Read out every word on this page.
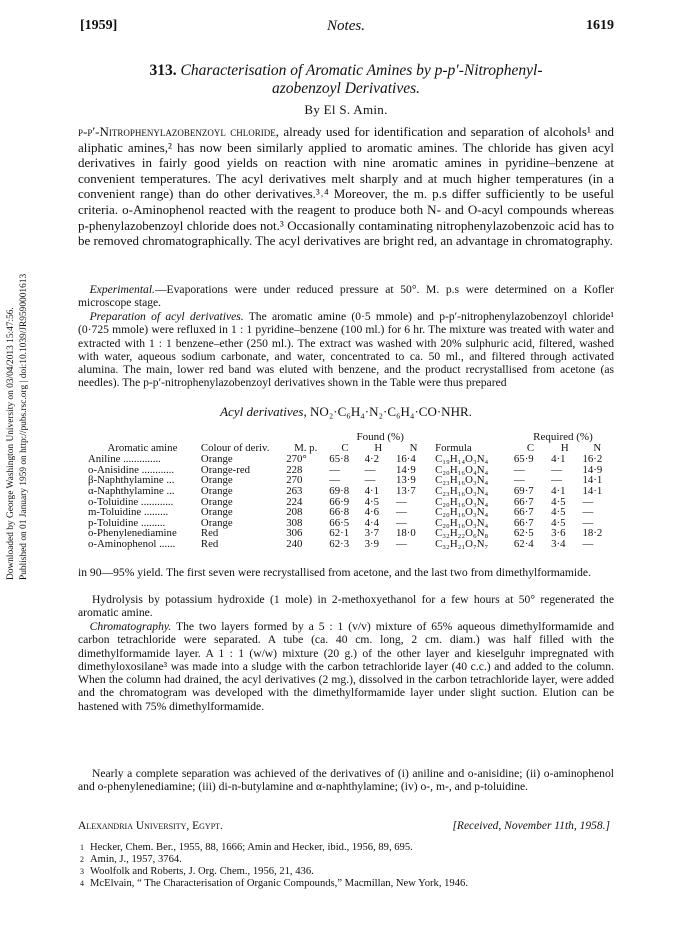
Downloaded by George Washington University on 03/04/2013 15:47:56. Published on 01 January 1959 on http://pubs.rsc.org | doi:10.1039/JR9590001613
[1959]	Notes.	1619
313. Characterisation of Aromatic Amines by p-p′-Nitrophenyl-
azobenzoyl Derivatives.
By El S. Amin.

p-p′-Nitrophenylazobenzoyl chloride, already used for identification and separation of alcohols¹ and aliphatic amines,² has now been similarly applied to aromatic amines. The chloride has given acyl derivatives in fairly good yields on reaction with nine aromatic amines in pyridine–benzene at convenient temperatures. The acyl derivatives melt sharply and at much higher temperatures (in a convenient range) than do other derivatives.³˒⁴ Moreover, the m. p.s differ sufficiently to be useful criteria. o-Aminophenol reacted with the reagent to produce both N- and O-acyl compounds whereas p-phenylazobenzoyl chloride does not.³ Occasionally contaminating nitrophenylazobenzoic acid has to be removed chromatographically. The acyl derivatives are bright red, an advantage in chromatography.

 Experimental.—Evaporations were under reduced pressure at 50°. M. p.s were determined on a Kofler microscope stage.

 Preparation of acyl derivatives. The aromatic amine (0·5 mmole) and p-p′-nitrophenylazobenzoyl chloride¹ (0·725 mmole) were refluxed in 1 : 1 pyridine–benzene (100 ml.) for 6 hr. The mixture was treated with water and extracted with 1 : 1 benzene–ether (250 ml.). The extract was washed with 20% sulphuric acid, filtered, washed with water, aqueous sodium carbonate, and water, concentrated to ca. 50 ml., and filtered through activated alumina. The main, lower red band was eluted with benzene, and the product recrystallised from acetone (as needles). The p-p′-nitrophenylazobenzoyl derivatives shown in the Table were thus prepared

Acyl derivatives, NO₂·C₆H₄·N₂·C₆H₄·CO·NHR.
			Found (%)				Required (%)		
Aromatic amine	Colour of deriv.	M. p.	C	H	N	Formula	C	H	N
Aniline ..............	Orange	270°	65·8	4·2	16·4	C₁₉H₁₄O₃N₄	65·9	4·1	16·2
o-Anisidine ............	Orange-red	228	—	—	14·9	C₂₀H₁₆O₄N₄	—	—	14·9
β-Naphthylamine ...	Orange	270	—	—	13·9	C₂₃H₁₆O₃N₄	—	—	14·1
α-Naphthylamine ...	Orange	263	69·8	4·1	13·7	C₂₃H₁₆O₃N₄	69·7	4·1	14·1
o-Toluidine ............	Orange	224	66·9	4·5	—	C₂₀H₁₆O₃N₄	66·7	4·5	—
m-Toluidine .........	Orange	208	66·8	4·6	—	C₂₀H₁₆O₃N₄	66·7	4·5	—
p-Toluidine .........	Orange	308	66·5	4·4	—	C₂₀H₁₆O₃N₄	66·7	4·5	—
o-Phenylenediamine	Red	306	62·1	3·7	18·0	C₃₂H₂₂O₆N₈	62·5	3·6	18·2
o-Aminophenol ......	Red	240	62·3	3·9	—	C₃₂H₂₁O₇N₇	62·4	3·4	—

in 90—95% yield. The first seven were recrystallised from acetone, and the last two from dimethylformamide.

Hydrolysis by potassium hydroxide (1 mole) in 2-methoxyethanol for a few hours at 50° regenerated the aromatic amine.

 Chromatography. The two layers formed by a 5 : 1 (v/v) mixture of 65% aqueous dimethylformamide and carbon tetrachloride were separated. A tube (ca. 40 cm. long, 2 cm. diam.) was half filled with the dimethylformamide layer. A 1 : 1 (w/w) mixture (20 g.) of the other layer and kieselguhr impregnated with dimethyloxosilane³ was made into a sludge with the carbon tetrachloride layer (40 c.c.) and added to the column. When the column had drained, the acyl derivatives (2 mg.), dissolved in the carbon tetrachloride layer, were added and the chromatogram was developed with the dimethylformamide layer under slight suction. Elution can be hastened with 75% dimethylformamide.

Nearly a complete separation was achieved of the derivatives of (i) aniline and o-anisidine; (ii) o-aminophenol and o-phenylenediamine; (iii) di-n-butylamine and α-naphthylamine; (iv) o-, m-, and p-toluidine.

Alexandria University, Egypt.	[Received, November 11th, 1958.]
1 Hecker, Chem. Ber., 1955, 88, 1666; Amin and Hecker, ibid., 1956, 89, 695.
2 Amin, J., 1957, 3764.
3 Woolfolk and Roberts, J. Org. Chem., 1956, 21, 436.
4 McElvain, “ The Characterisation of Organic Compounds,” Macmillan, New York, 1946.
